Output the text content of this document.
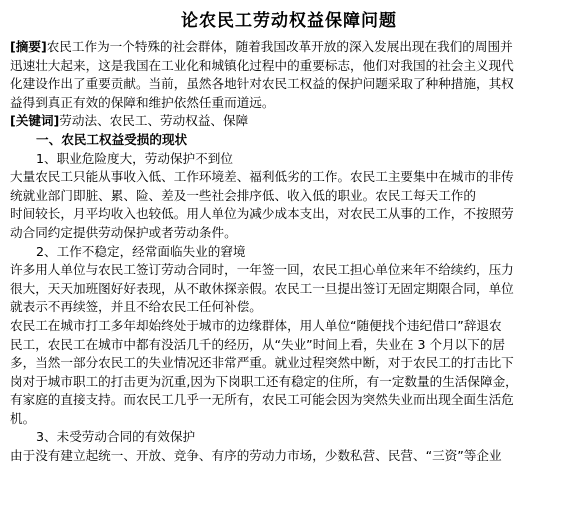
论农民工劳动权益保障问题

[摘要]农民工作为一个特殊的社会群体，随着我国改革开放的深入发展出现在我们的周围并

迅速壮大起来，这是我国在工业化和城镇化过程中的重要标志，他们对我国的社会主义现代

化建设作出了重要贡献。当前，虽然各地针对农民工权益的保护问题采取了种种措施，其权

益得到真正有效的保障和维护依然任重而道远。

[关键词]劳动法、农民工、劳动权益、保障

一、农民工权益受损的现状

1、职业危险度大，劳动保护不到位

大量农民工只能从事收入低、工作环境差、福利低劣的工作。农民工主要集中在城市的非传

统就业部门即脏、累、险、差及一些社会排序低、收入低的职业。农民工每天工作的

时间较长，月平均收入也较低。用人单位为减少成本支出，对农民工从事的工作，不按照劳

动合同约定提供劳动保护或者劳动条件。

2、工作不稳定，经常面临失业的窘境

许多用人单位与农民工签订劳动合同时，一年签一回，农民工担心单位来年不给续约，压力

很大，天天加班图好好表现，从不敢休探亲假。农民工一旦提出签订无固定期限合同，单位

就表示不再续签，并且不给农民工任何补偿。

农民工在城市打工多年却始终处于城市的边缘群体，用人单位“随便找个违纪借口”辞退农

民工，农民工在城市中都有没活几千的经历，从“失业”时间上看，失业在 3 个月以下的居

多，当然一部分农民工的失业情况还非常严重。就业过程突然中断，对于农民工的打击比下

岗对于城市职工的打击更为沉重,因为下岗职工还有稳定的住所，有一定数量的生活保障金，

有家庭的直接支持。而农民工几乎一无所有，农民工可能会因为突然失业而出现全面生活危

机。

3、未受劳动合同的有效保护

由于没有建立起统一、开放、竞争、有序的劳动力市场，少数私营、民营、“三资”等企业
